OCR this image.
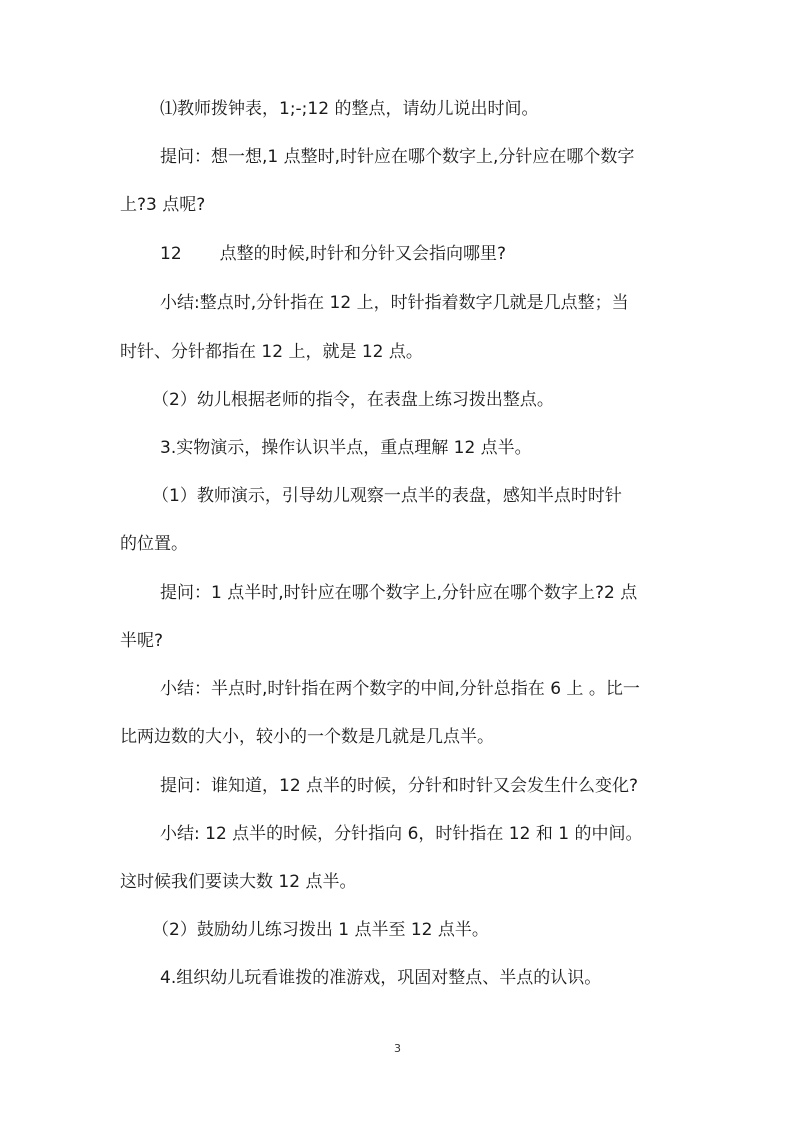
⑴教师拨钟表，1;-;12 的整点，请幼儿说出时间。
提问：想一想,1 点整时,时针应在哪个数字上,分针应在哪个数字
上?3 点呢?
12 点整的时候,时针和分针又会指向哪里?
小结:整点时,分针指在 12 上，时针指着数字几就是几点整；当
时针、分针都指在 12 上，就是 12 点。
（2）幼儿根据老师的指令，在表盘上练习拨出整点。
3.实物演示，操作认识半点，重点理解 12 点半。
（1）教师演示，引导幼儿观察一点半的表盘，感知半点时时针
的位置。
提问：1 点半时,时针应在哪个数字上,分针应在哪个数字上?2 点
半呢?
小结：半点时,时针指在两个数字的中间,分针总指在 6 上 。比一
比两边数的大小，较小的一个数是几就是几点半。
提问：谁知道，12 点半的时候，分针和时针又会发生什么变化?
小结: 12 点半的时候，分针指向 6，时针指在 12 和 1 的中间。
这时候我们要读大数 12 点半。
（2）鼓励幼儿练习拨出 1 点半至 12 点半。
4.组织幼儿玩看谁拨的准游戏，巩固对整点、半点的认识。
3
